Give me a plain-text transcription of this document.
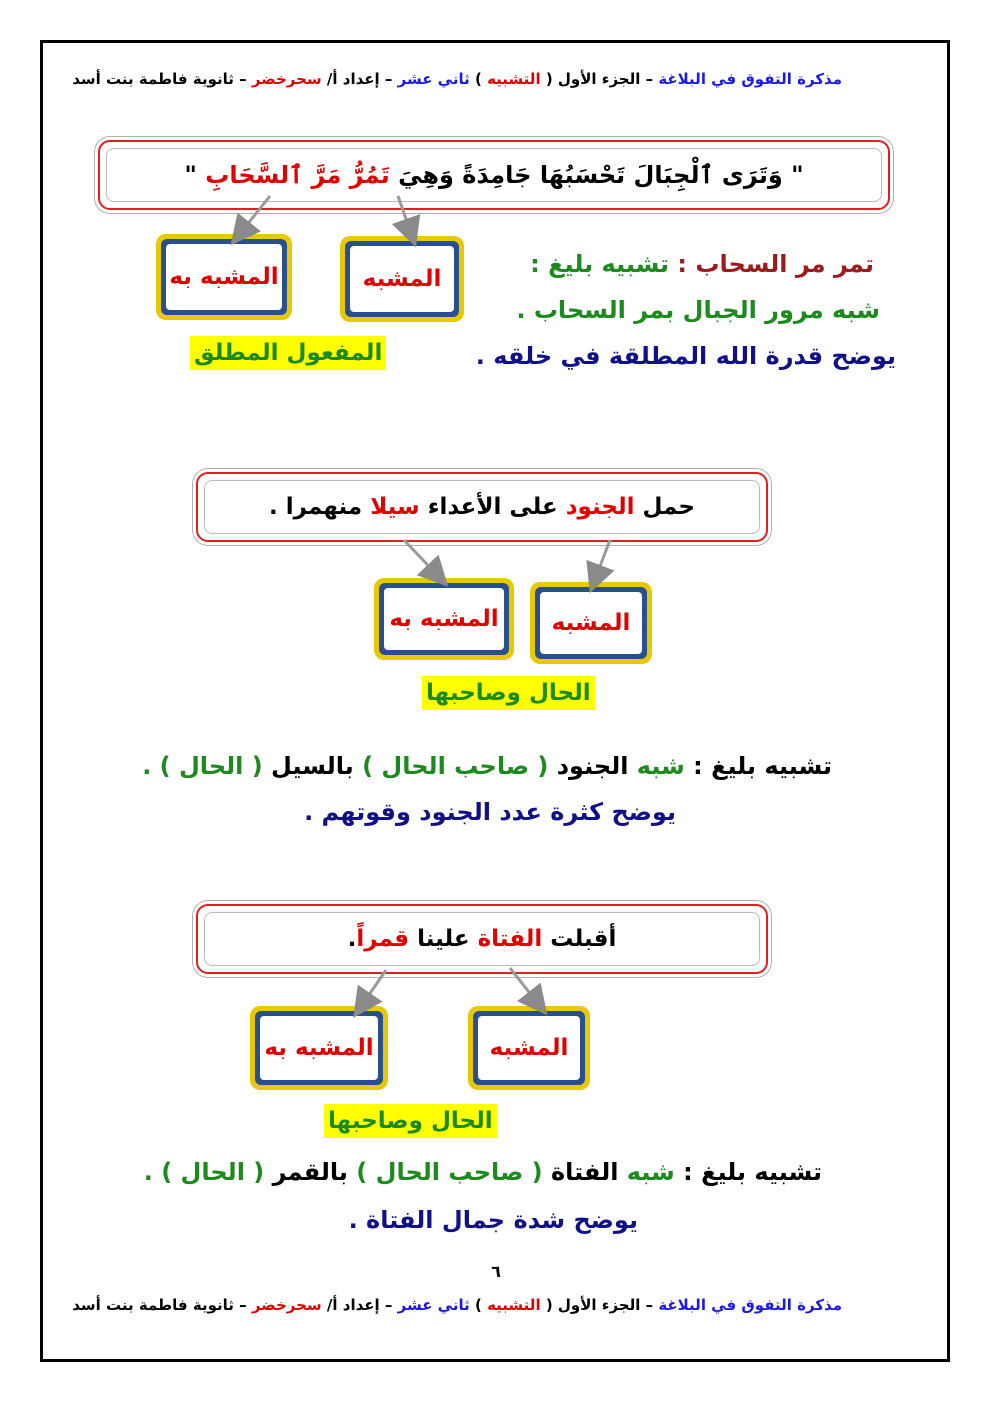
مذكرة التفوق في البلاغة – الجزء الأول ( التشبيه ) ثاني عشر – إعداد أ/ سحرخضر – ثانوية فاطمة بنت أسد
" وَتَرَى ٱلْجِبَالَ تَحْسَبُهَا جَامِدَةً وَهِيَ تَمُرُّ مَرَّ ٱلسَّحَابِ "
المشبه به	المشبه
المفعول المطلق
تمر مر السحاب : تشبيه بليغ :
شبه مرور الجبال بمر السحاب .
يوضح قدرة الله المطلقة في خلقه .
حمل الجنود على الأعداء سيلا منهمرا .
المشبه به	المشبه
الحال وصاحبها
تشبيه بليغ : شبه الجنود ( صاحب الحال ) بالسيل ( الحال ) .
يوضح كثرة عدد الجنود وقوتهم .
أقبلت الفتاة علينا قمراً.
المشبه به	المشبه
الحال وصاحبها
تشبيه بليغ : شبه الفتاة ( صاحب الحال ) بالقمر ( الحال ) .
يوضح شدة جمال الفتاة .
٦
مذكرة التفوق في البلاغة – الجزء الأول ( التشبيه ) ثاني عشر – إعداد أ/ سحرخضر – ثانوية فاطمة بنت أسد
